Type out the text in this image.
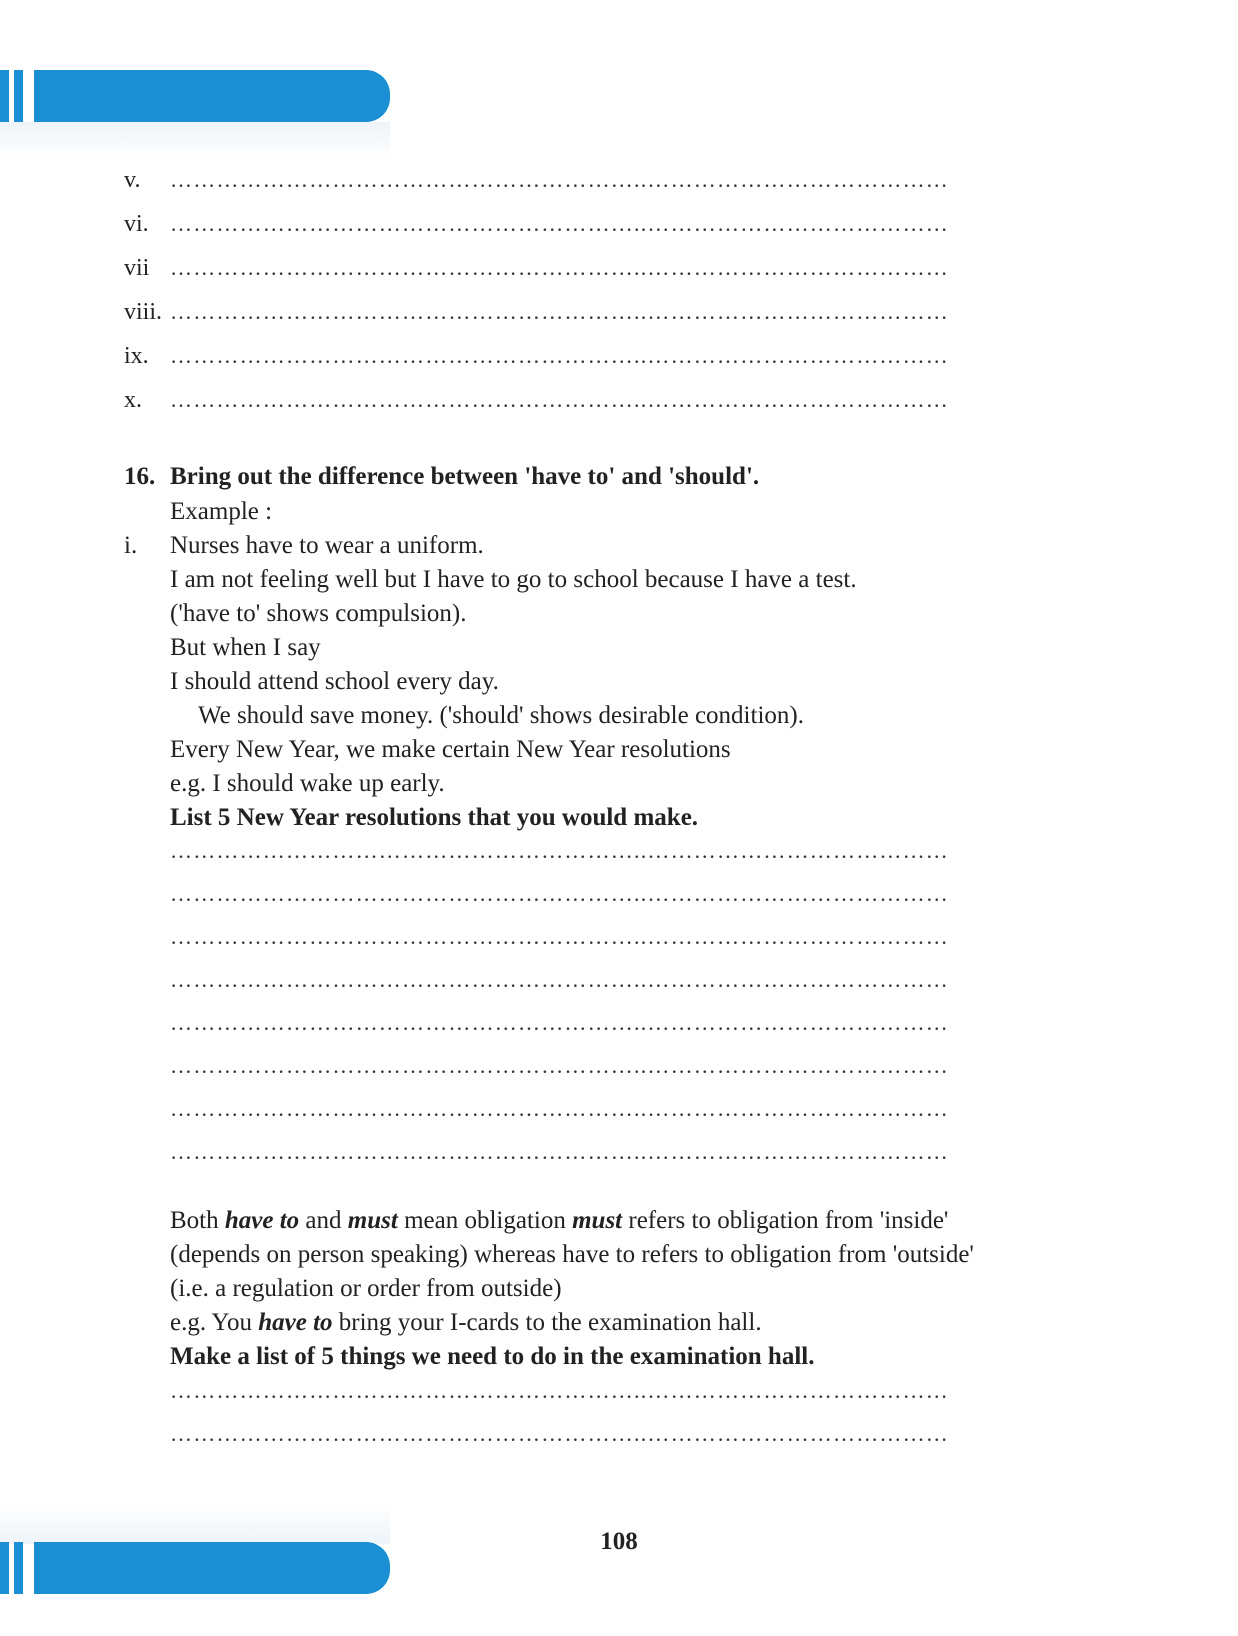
v. ……………………………………………………..…………………………………
vi. ……………………………………………………..…………………………………
vii ……………………………………………………..…………………………………
viii. ……………………………………………………..…………………………………
ix. ……………………………………………………..…………………………………
x. ……………………………………………………..…………………………………
16. Bring out the difference between 'have to' and 'should'.
Example :
i. Nurses have to wear a uniform.
I am not feeling well but I have to go to school because I have a test.
('have to' shows compulsion).
But when I say
I should attend school every day.
We should save money. ('should' shows desirable condition).
Every New Year, we make certain New Year resolutions
e.g. I should wake up early.
List 5 New Year resolutions that you would make.
……………………………………………………..…………………………………
……………………………………………………..…………………………………
……………………………………………………..…………………………………
……………………………………………………..…………………………………
……………………………………………………..…………………………………
……………………………………………………..…………………………………
……………………………………………………..…………………………………
……………………………………………………..…………………………………
Both have to and must mean obligation must refers to obligation from 'inside'
(depends on person speaking) whereas have to refers to obligation from 'outside'
(i.e. a regulation or order from outside)
e.g. You have to bring your I-cards to the examination hall.
Make a list of 5 things we need to do in the examination hall.
……………………………………………………..…………………………………
……………………………………………………..…………………………………
108
